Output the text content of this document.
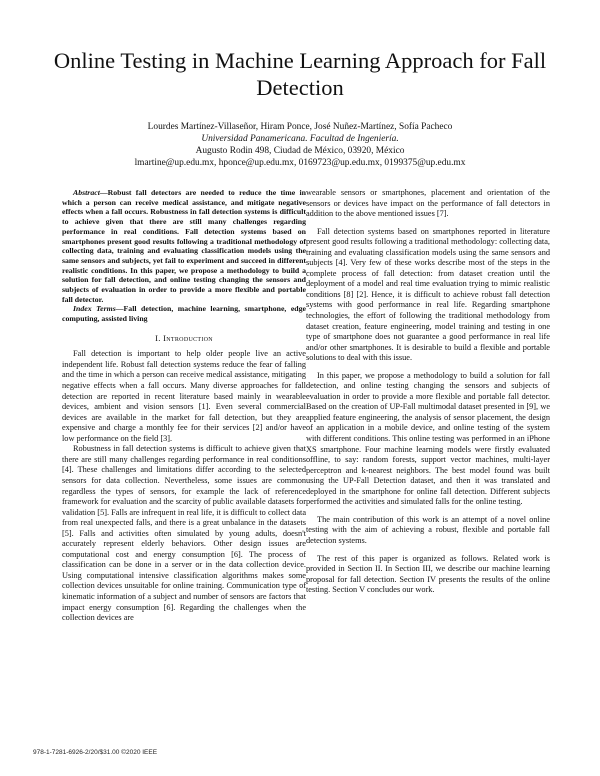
Online Testing in Machine Learning Approach for Fall Detection
Lourdes Martínez-Villaseñor, Hiram Ponce, José Nuñez-Martínez, Sofía Pacheco
Universidad Panamericana. Facultad de Ingeniería.
Augusto Rodin 498, Ciudad de México, 03920, México
lmartine@up.edu.mx, hponce@up.edu.mx, 0169723@up.edu.mx, 0199375@up.edu.mx

Abstract—Robust fall detectors are needed to reduce the time in which a person can receive medical assistance, and mitigate negative effects when a fall occurs. Robustness in fall detection systems is difficult to achieve given that there are still many challenges regarding performance in real conditions. Fall detection systems based on smartphones present good results following a traditional methodology of collecting data, training and evaluating classification models using the same sensors and subjects, yet fail to experiment and succeed in different realistic conditions. In this paper, we propose a methodology to build a solution for fall detection, and online testing changing the sensors and subjects of evaluation in order to provide a more flexible and portable fall detector.

Index Terms—Fall detection, machine learning, smartphone, edge computing, assisted living

I. Introduction

Fall detection is important to help older people live an active independent life. Robust fall detection systems reduce the fear of falling and the time in which a person can receive medical assistance, mitigating negative effects when a fall occurs. Many diverse approaches for fall detection are reported in recent literature based mainly in wearable devices, ambient and vision sensors [1]. Even several commercial devices are available in the market for fall detection, but they are expensive and charge a monthly fee for their services [2] and/or have low performance on the field [3].

Robustness in fall detection systems is difficult to achieve given that there are still many challenges regarding performance in real conditions [4]. These challenges and limitations differ according to the selected sensors for data collection. Nevertheless, some issues are common regardless the types of sensors, for example the lack of reference framework for evaluation and the scarcity of public available datasets for validation [5]. Falls are infrequent in real life, it is difficult to collect data from real unexpected falls, and there is a great unbalance in the datasets [5]. Falls and activities often simulated by young adults, doesn't accurately represent elderly behaviors. Other design issues are computational cost and energy consumption [6]. The process of classification can be done in a server or in the data collection device. Using computational intensive classification algorithms makes some collection devices unsuitable for online training. Communication type of kinematic information of a subject and number of sensors are factors that impact energy consumption [6]. Regarding the challenges when the collection devices are

wearable sensors or smartphones, placement and orientation of the sensors or devices have impact on the performance of fall detectors in addition to the above mentioned issues [7].

Fall detection systems based on smartphones reported in literature present good results following a traditional methodology: collecting data, training and evaluating classification models using the same sensors and subjects [4]. Very few of these works describe most of the steps in the complete process of fall detection: from dataset creation until the deployment of a model and real time evaluation trying to mimic realistic conditions [8] [2]. Hence, it is difficult to achieve robust fall detection systems with good performance in real life. Regarding smartphone technologies, the effort of following the traditional methodology from dataset creation, feature engineering, model training and testing in one type of smartphone does not guarantee a good performance in real life and/or other smartphones. It is desirable to build a flexible and portable solutions to deal with this issue.

In this paper, we propose a methodology to build a solution for fall detection, and online testing changing the sensors and subjects of evaluation in order to provide a more flexible and portable fall detector. Based on the creation of UP-Fall multimodal dataset presented in [9], we applied feature engineering, the analysis of sensor placement, the design of an application in a mobile device, and online testing of the system with different conditions. This online testing was performed in an iPhone XS smartphone. Four machine learning models were firstly evaluated offline, to say: random forests, support vector machines, multi-layer perceptron and k-nearest neighbors. The best model found was built using the UP-Fall Detection dataset, and then it was translated and deployed in the smartphone for online fall detection. Different subjects performed the activities and simulated falls for the online testing.

The main contribution of this work is an attempt of a novel online testing with the aim of achieving a robust, flexible and portable fall detection systems.

The rest of this paper is organized as follows. Related work is provided in Section II. In Section III, we describe our machine learning proposal for fall detection. Section IV presents the results of the online testing. Section V concludes our work.

978-1-7281-6926-2/20/$31.00 ©2020 IEEE
